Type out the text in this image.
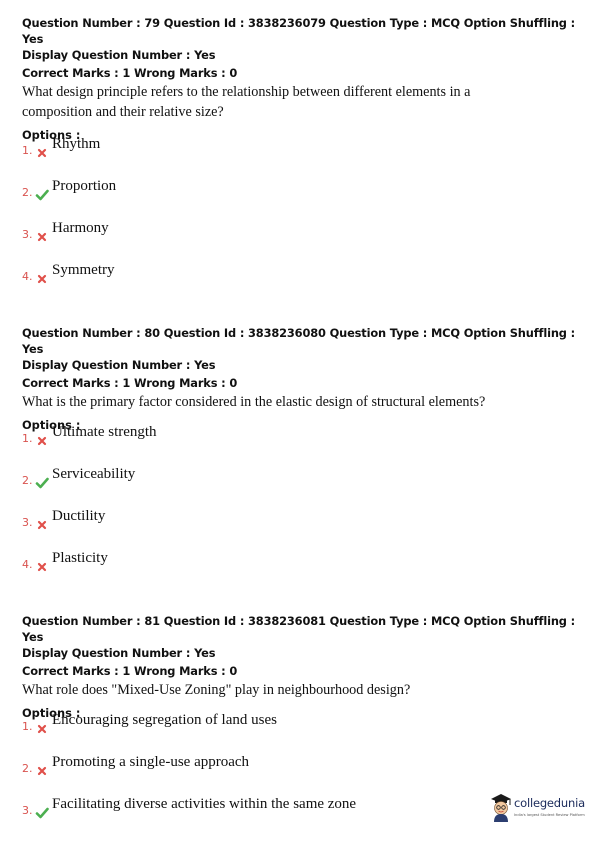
Question Number : 79 Question Id : 3838236079 Question Type : MCQ Option Shuffling : Yes
Display Question Number : Yes
Correct Marks : 1 Wrong Marks : 0
What design principle refers to the relationship between different elements in a
composition and their relative size?
Options :
1. Rhythm
2. Proportion
3. Harmony
4. Symmetry
Question Number : 80 Question Id : 3838236080 Question Type : MCQ Option Shuffling : Yes
Display Question Number : Yes
Correct Marks : 1 Wrong Marks : 0
What is the primary factor considered in the elastic design of structural elements?
Options :
1. Ultimate strength
2. Serviceability
3. Ductility
4. Plasticity
Question Number : 81 Question Id : 3838236081 Question Type : MCQ Option Shuffling : Yes
Display Question Number : Yes
Correct Marks : 1 Wrong Marks : 0
What role does "Mixed-Use Zoning" play in neighbourhood design?
Options :
1. Encouraging segregation of land uses
2. Promoting a single-use approach
3. Facilitating diverse activities within the same zone	collegedunia
India's largest Student Review Platform
